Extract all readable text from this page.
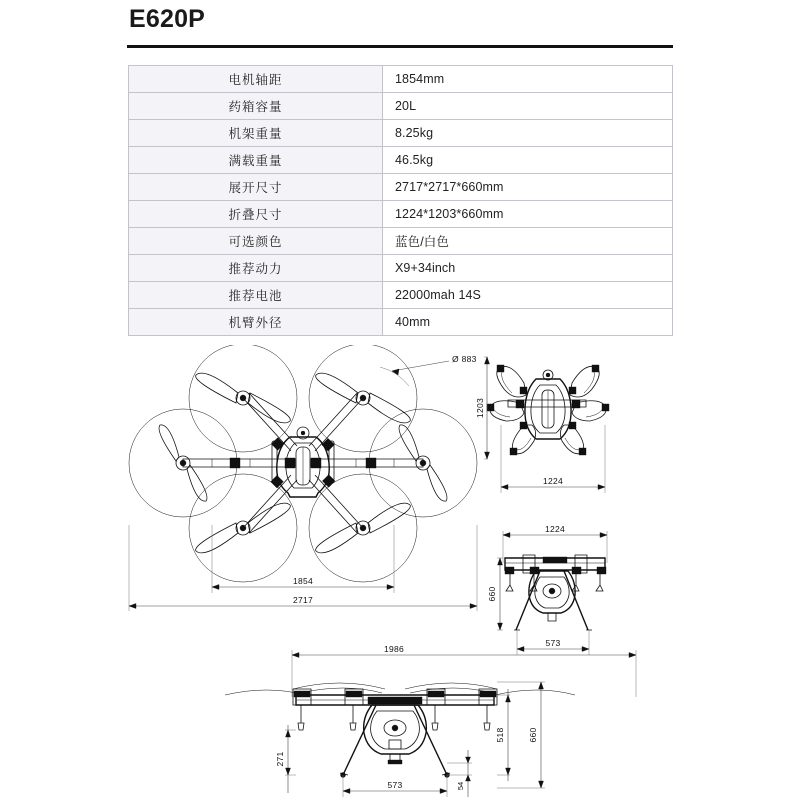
E620P
电机轴距	1854mm
药箱容量	20L
机架重量	8.25kg
满载重量	46.5kg
展开尺寸	2717*2717*660mm
折叠尺寸	1224*1203*660mm
可选颜色	蓝色/白色
推荐动力	X9+34inch
推荐电池	22000mah 14S
机臂外径	40mm
Ø 883
1854
2717
1203
1224
1224
660
573
1986
518	660
271
573	54
